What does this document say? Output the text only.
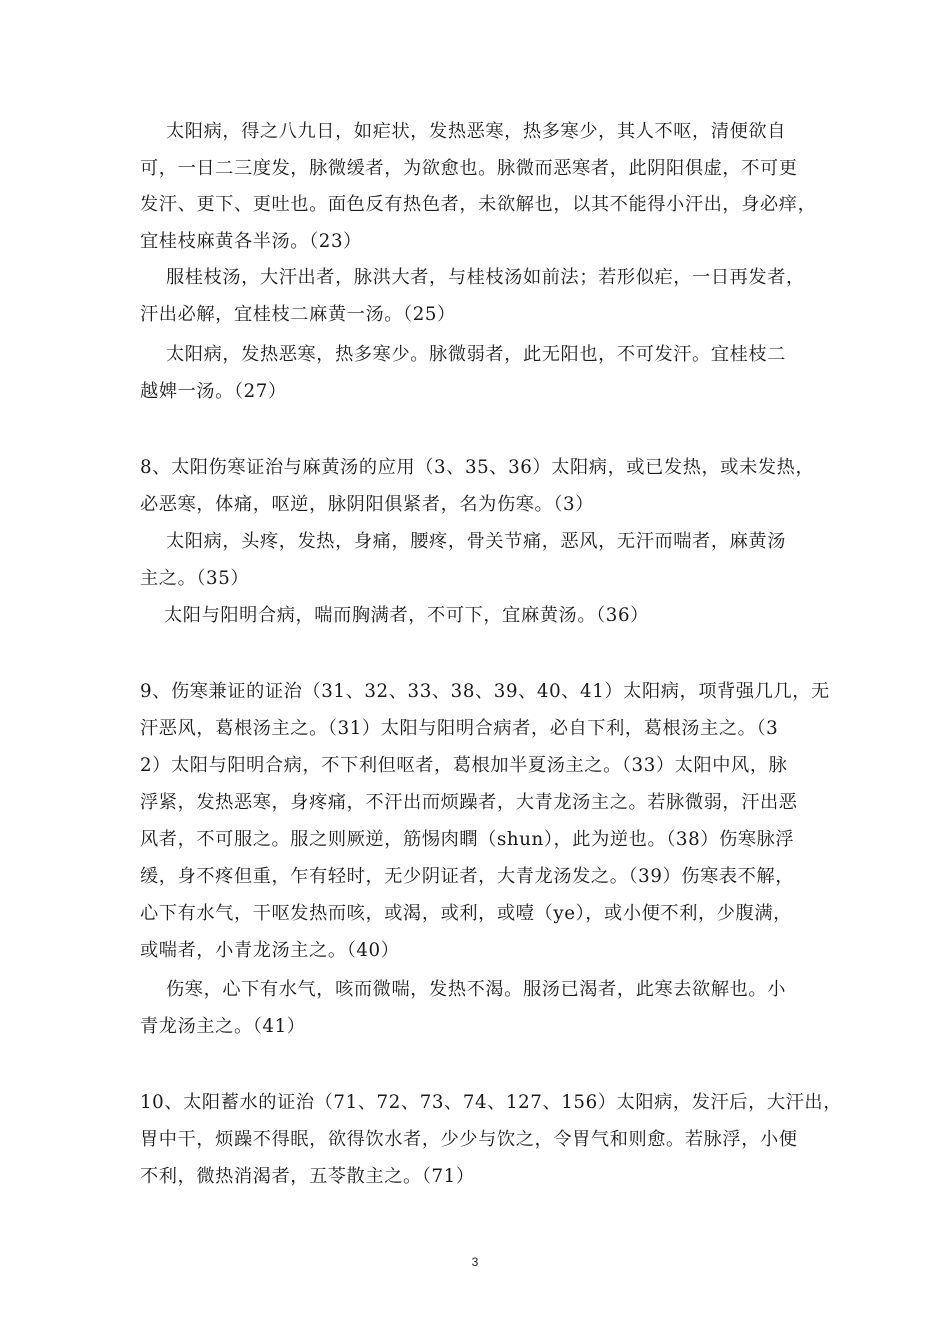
太阳病，得之八九日，如疟状，发热恶寒，热多寒少，其人不呕，清便欲自
可，一日二三度发，脉微缓者，为欲愈也。脉微而恶寒者，此阴阳俱虚，不可更
发汗、更下、更吐也。面色反有热色者，未欲解也，以其不能得小汗出，身必痒，
宜桂枝麻黄各半汤。（23）
服桂枝汤，大汗出者，脉洪大者，与桂枝汤如前法；若形似疟，一日再发者，
汗出必解，宜桂枝二麻黄一汤。（25）
太阳病，发热恶寒，热多寒少。脉微弱者，此无阳也，不可发汗。宜桂枝二
越婢一汤。（27）
8、太阳伤寒证治与麻黄汤的应用（3、35、36）太阳病，或已发热，或未发热，
必恶寒，体痛，呕逆，脉阴阳俱紧者，名为伤寒。（3）
太阳病，头疼，发热，身痛，腰疼，骨关节痛，恶风，无汗而喘者，麻黄汤
主之。（35）
太阳与阳明合病，喘而胸满者，不可下，宜麻黄汤。（36）
9、伤寒兼证的证治（31、32、33、38、39、40、41）太阳病，项背强几几，无
汗恶风，葛根汤主之。（31）太阳与阳明合病者，必自下利，葛根汤主之。（3
2）太阳与阳明合病，不下利但呕者，葛根加半夏汤主之。（33）太阳中风，脉
浮紧，发热恶寒，身疼痛，不汗出而烦躁者，大青龙汤主之。若脉微弱，汗出恶
风者，不可服之。服之则厥逆，筋惕肉瞤（shun），此为逆也。（38）伤寒脉浮
缓，身不疼但重，乍有轻时，无少阴证者，大青龙汤发之。（39）伤寒表不解，
心下有水气，干呕发热而咳，或渴，或利，或噎（ye），或小便不利，少腹满，
或喘者，小青龙汤主之。（40）
伤寒，心下有水气，咳而微喘，发热不渴。服汤已渴者，此寒去欲解也。小
青龙汤主之。（41）
10、太阳蓄水的证治（71、72、73、74、127、156）太阳病，发汗后，大汗出，
胃中干，烦躁不得眠，欲得饮水者，少少与饮之，令胃气和则愈。若脉浮，小便
不利，微热消渴者，五苓散主之。（71）
3
